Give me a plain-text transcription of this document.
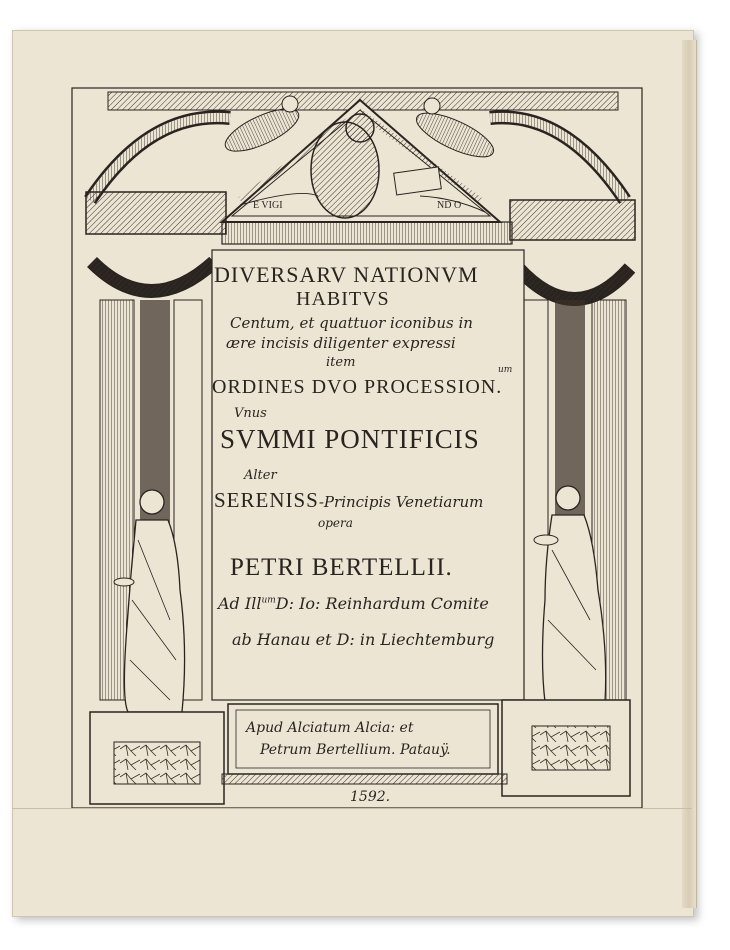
E VIGI	ND O
DIVERSARV NATIONVM
HABITVS
Centum, et quattuor iconibus in
ære incisis diligenter expressi
item	um
ORDINES DVO PROCESSION.
Vnus
SVMMI PONTIFICIS
Alter
SERENISS-Principis Venetiarum
opera
PETRI BERTELLII.
Ad Ill$^{um}$D: Io: Reinhardum Comite
ab Hanau et D: in Liechtemburg
Apud Alciatum Alcia: et
Petrum Bertellium. Patauÿ.
1592.
